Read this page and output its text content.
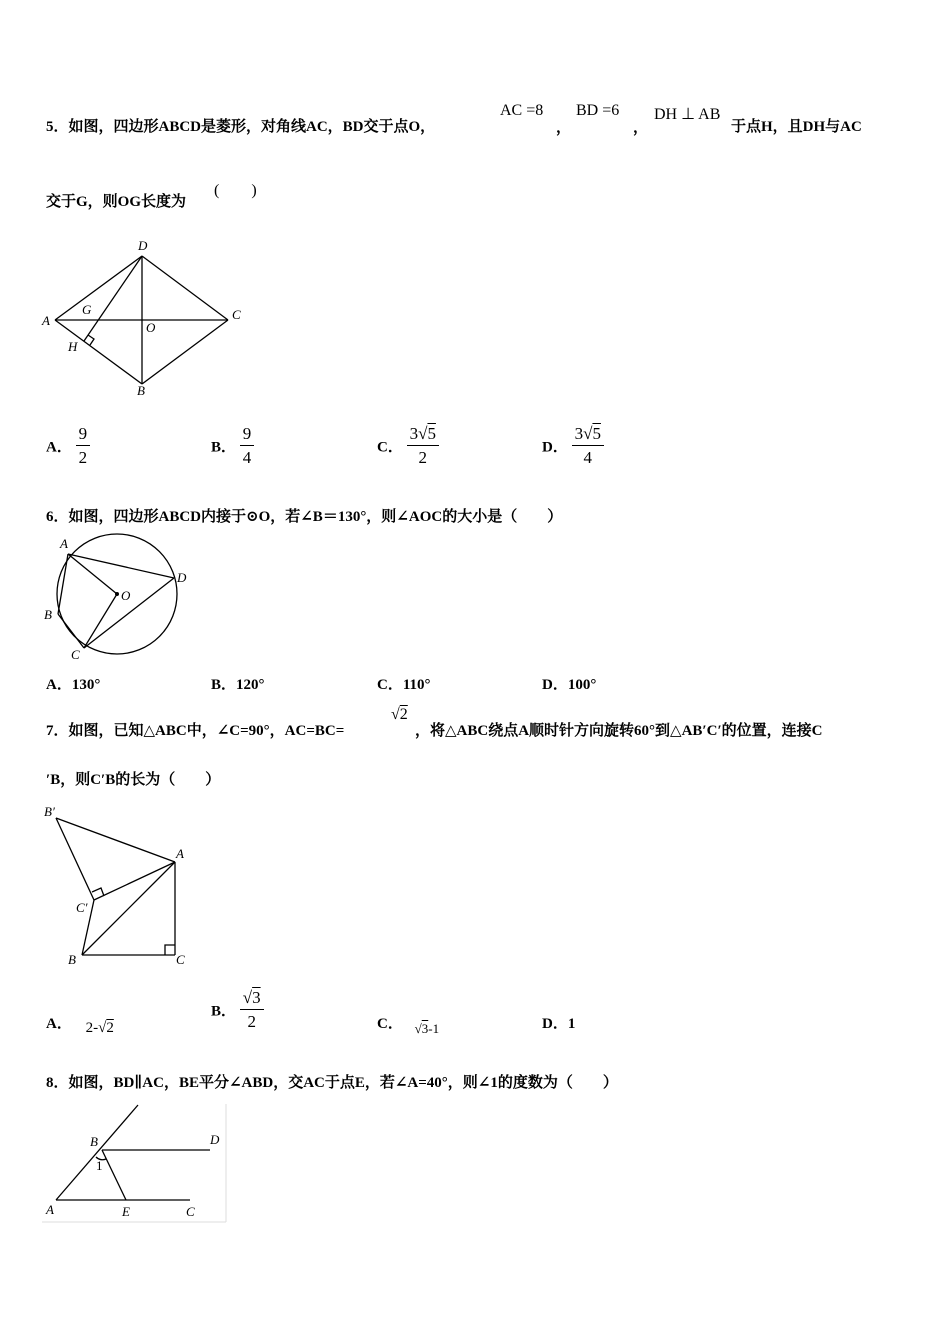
5．如图，四边形ABCD是菱形，对角线AC，BD交于点O，
AC =8
，
BD =6
，
DH ⊥ AB
于点H，且DH与AC
交于G，则OG长度为
(　　)
D
A
G
O
C
H
B
A． $\frac{9}{2}$	B． $\frac{9}{4}$	C． $\frac{3√5}{2}$	D． $\frac{3√5}{4}$
6．如图，四边形ABCD内接于⊙O，若∠B＝130°，则∠AOC的大小是（　　）
A
D
O
B
C
A．130°	B．120°	C．110°	D．100°
7．如图，已知△ABC中，∠C=90°，AC=BC=
√2
，将△ABC绕点A顺时针方向旋转60°到△AB′C′的位置，连接C
′B，则C′B的长为（　　）
B′
A
C′
B	C
A． 2-√2
B． $\frac{√3}{2}$	C． √3-1	D．1
8．如图，BD∥AC，BE平分∠ABD，交AC于点E，若∠A=40°，则∠1的度数为（　　）
B	D
1
A	E	C
